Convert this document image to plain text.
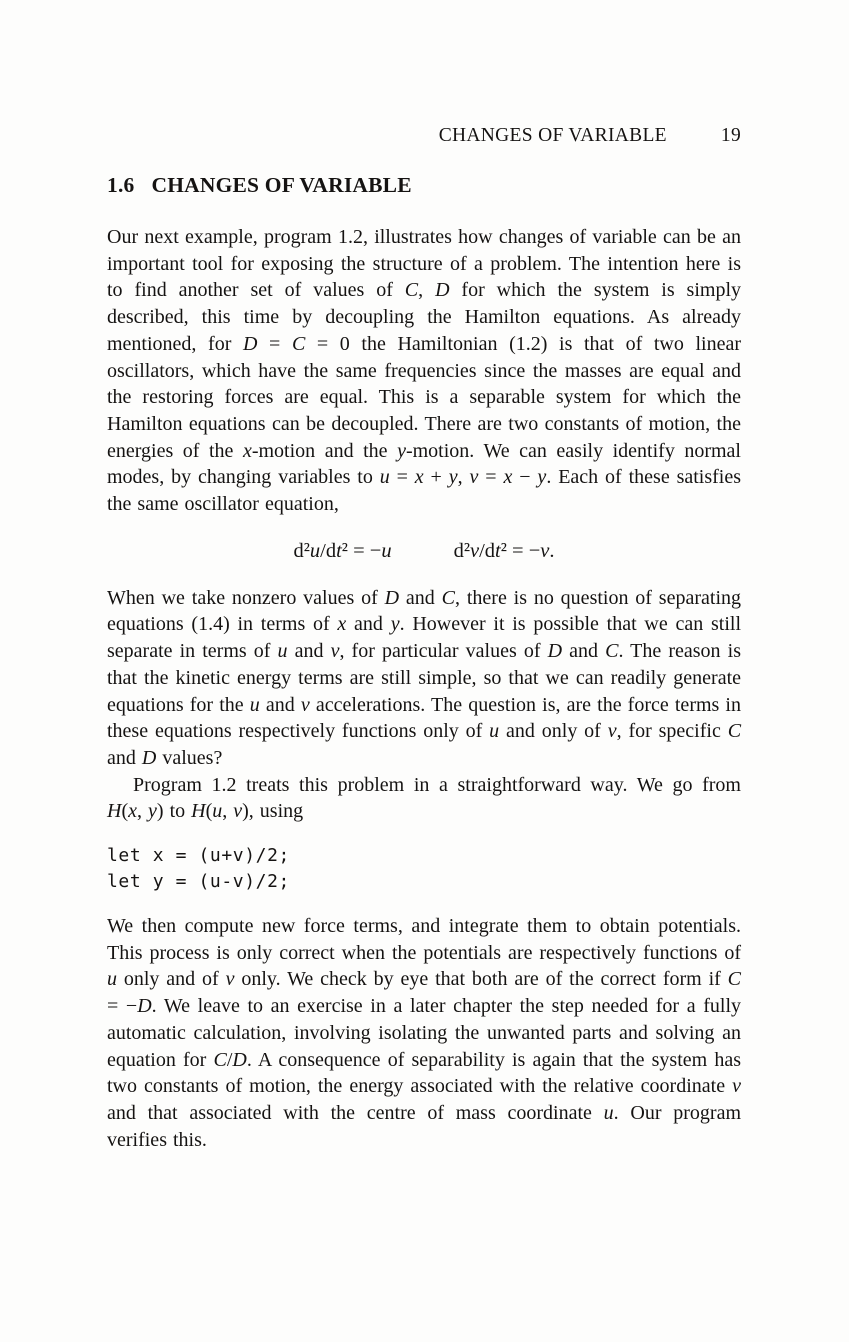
CHANGES OF VARIABLE	19
1.6 CHANGES OF VARIABLE

Our next example, program 1.2, illustrates how changes of variable can be an important tool for exposing the structure of a problem. The intention here is to find another set of values of C, D for which the system is simply described, this time by decoupling the Hamilton equations. As already mentioned, for D = C = 0 the Hamiltonian (1.2) is that of two linear oscillators, which have the same frequencies since the masses are equal and the restoring forces are equal. This is a separable system for which the Hamilton equations can be decoupled. There are two constants of motion, the energies of the x-motion and the y-motion. We can easily identify normal modes, by changing variables to u = x + y, v = x − y. Each of these satisfies the same oscillator equation,

d²u/dt² = −u	d²v/dt² = −v.

When we take nonzero values of D and C, there is no question of separating equations (1.4) in terms of x and y. However it is possible that we can still separate in terms of u and v, for particular values of D and C. The reason is that the kinetic energy terms are still simple, so that we can readily generate equations for the u and v accelerations. The question is, are the force terms in these equations respectively functions only of u and only of v, for specific C and D values?

Program 1.2 treats this problem in a straightforward way. We go from H(x, y) to H(u, v), using

let x = (u+v)/2;
let y = (u-v)/2;

We then compute new force terms, and integrate them to obtain potentials. This process is only correct when the potentials are respectively functions of u only and of v only. We check by eye that both are of the correct form if C = −D. We leave to an exercise in a later chapter the step needed for a fully automatic calculation, involving isolating the unwanted parts and solving an equation for C/D. A consequence of separability is again that the system has two constants of motion, the energy associated with the relative coordinate v and that associated with the centre of mass coordinate u. Our program verifies this.
